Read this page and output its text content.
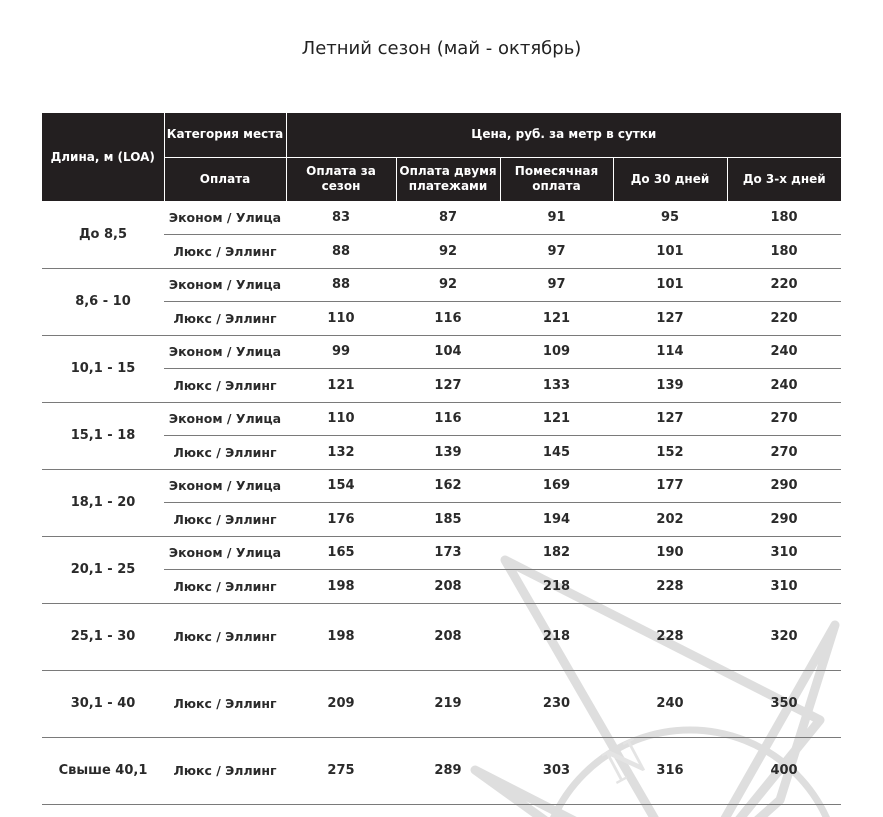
N
Летний сезон (май - октябрь)
Длина, м (LOA)	Категория места	Цена, руб. за метр в сутки				
	Оплата	Оплата за сезон	Оплата двумя платежами	Помесячная оплата	До 30 дней	До 3-х дней
До 8,5	Эконом / Улица	83	87	91	95	180
	Люкс / Эллинг	88	92	97	101	180
8,6 - 10	Эконом / Улица	88	92	97	101	220
	Люкс / Эллинг	110	116	121	127	220
10,1 - 15	Эконом / Улица	99	104	109	114	240
	Люкс / Эллинг	121	127	133	139	240
15,1 - 18	Эконом / Улица	110	116	121	127	270
	Люкс / Эллинг	132	139	145	152	270
18,1 - 20	Эконом / Улица	154	162	169	177	290
	Люкс / Эллинг	176	185	194	202	290
20,1 - 25	Эконом / Улица	165	173	182	190	310
	Люкс / Эллинг	198	208	218	228	310
25,1 - 30	Люкс / Эллинг	198	208	218	228	320
30,1 - 40	Люкс / Эллинг	209	219	230	240	350
Свыше 40,1	Люкс / Эллинг	275	289	303	316	400
